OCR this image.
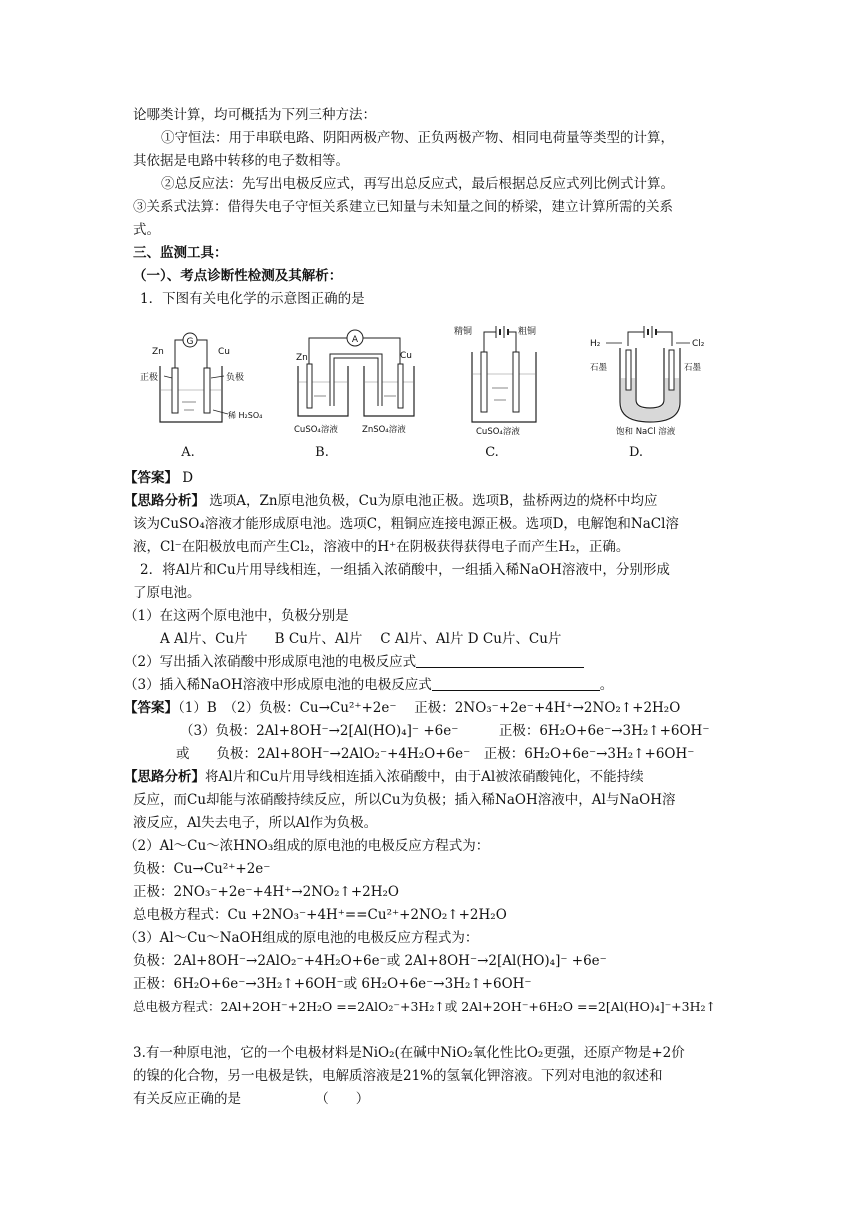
论哪类计算，均可概括为下列三种方法：
①守恒法：用于串联电路、阴阳两极产物、正负两极产物、相同电荷量等类型的计算，
其依据是电路中转移的电子数相等。
②总反应法：先写出电极反应式，再写出总反应式，最后根据总反应式列比例式计算。
③关系式法算：借得失电子守恒关系建立已知量与未知量之间的桥梁，建立计算所需的关系
式。
三、监测工具：
（一）、考点诊断性检测及其解析：
1．下图有关电化学的示意图正确的是
G
Zn	Cu
正极	负极
稀 H₂SO₄
A.
A
Zn	Cu
CuSO₄溶液	ZnSO₄溶液
B.
精铜	粗铜
CuSO₄溶液
C.
H₂	Cl₂
石墨	石墨
饱和 NaCl 溶液
D.
【答案】 D
【思路分析】 选项A，Zn原电池负极，Cu为原电池正极。选项B，盐桥两边的烧杯中均应
该为CuSO₄溶液才能形成原电池。选项C，粗铜应连接电源正极。选项D，电解饱和NaCl溶
液，Cl⁻在阳极放电而产生Cl₂，溶液中的H⁺在阴极获得获得电子而产生H₂，正确。
2．将Al片和Cu片用导线相连，一组插入浓硝酸中，一组插入稀NaOH溶液中，分别形成
了原电池。
（1）在这两个原电池中，负极分别是
A Al片、Cu片　　B Cu片、Al片　 C Al片、Al片 D Cu片、Cu片
（2）写出插入浓硝酸中形成原电池的电极反应式
（3）插入稀NaOH溶液中形成原电池的电极反应式	。
【答案】（1）B　（2）负极：Cu→Cu²⁺+2e⁻　 正极：2NO₃⁻+2e⁻+4H⁺→2NO₂↑+2H₂O
（3）负极：2Al+8OH⁻→2[Al(HO)₄]⁻ +6e⁻　　　正极：6H₂O+6e⁻→3H₂↑+6OH⁻
或　　负极：2Al+8OH⁻→2AlO₂⁻+4H₂O+6e⁻　正极：6H₂O+6e⁻→3H₂↑+6OH⁻
【思路分析】将Al片和Cu片用导线相连插入浓硝酸中，由于Al被浓硝酸钝化，不能持续
反应，而Cu却能与浓硝酸持续反应，所以Cu为负极；插入稀NaOH溶液中，Al与NaOH溶
液反应，Al失去电子，所以Al作为负极。
（2）Al～Cu～浓HNO₃组成的原电池的电极反应方程式为：
负极：Cu→Cu²⁺+2e⁻
正极：2NO₃⁻+2e⁻+4H⁺→2NO₂↑+2H₂O
总电极方程式：Cu +2NO₃⁻+4H⁺==Cu²⁺+2NO₂↑+2H₂O
（3）Al～Cu～NaOH组成的原电池的电极反应方程式为：
负极：2Al+8OH⁻→2AlO₂⁻+4H₂O+6e⁻或 2Al+8OH⁻→2[Al(HO)₄]⁻ +6e⁻
正极：6H₂O+6e⁻→3H₂↑+6OH⁻或 6H₂O+6e⁻→3H₂↑+6OH⁻
总电极方程式：2Al+2OH⁻+2H₂O ==2AlO₂⁻+3H₂↑或 2Al+2OH⁻+6H₂O ==2[Al(HO)₄]⁻+3H₂↑
3.有一种原电池，它的一个电极材料是NiO₂(在碱中NiO₂氧化性比O₂更强，还原产物是+2价
的镍的化合物，另一电极是铁，电解质溶液是21%的氢氧化钾溶液。下列对电池的叙述和
有关反应正确的是　　　　　　（　　）
